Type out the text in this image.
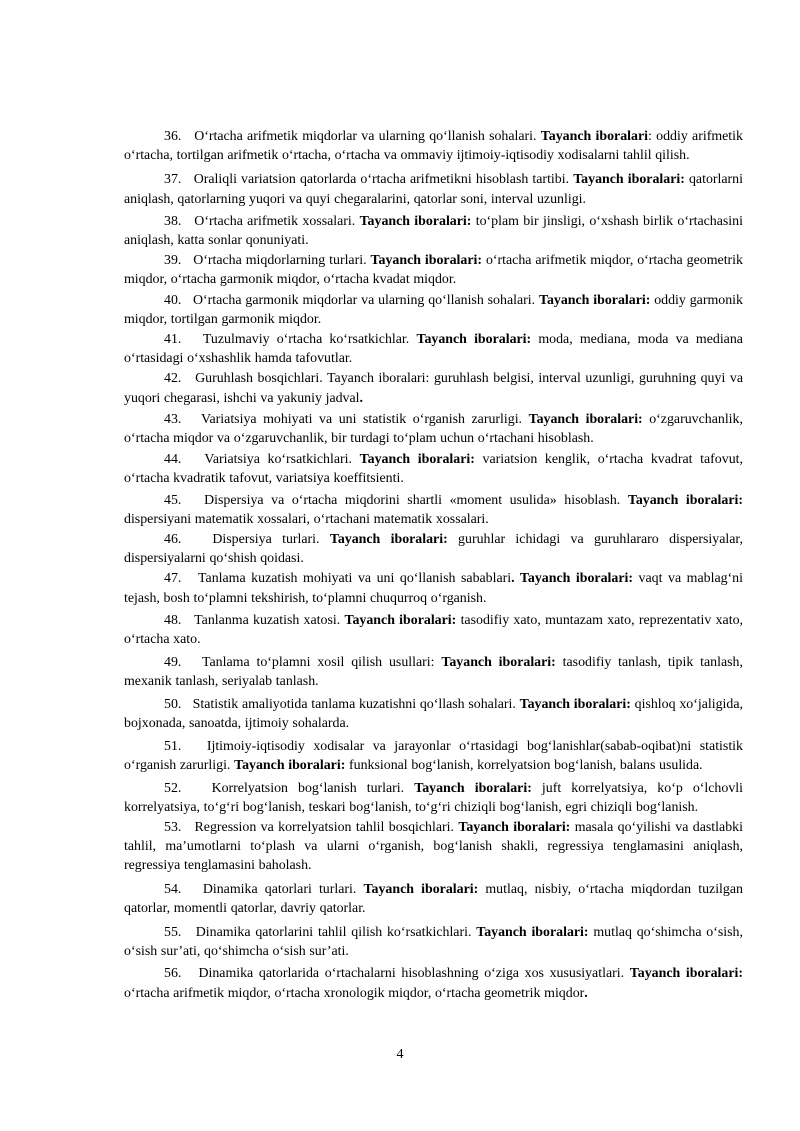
36. O‘rtacha arifmetik miqdorlar va ularning qo‘llanish sohalari. Tayanch iboralari: oddiy arifmetik o‘rtacha, tortilgan arifmetik o‘rtacha, o‘rtacha va ommaviy ijtimoiy-iqtisodiy xodisalarni tahlil qilish.

37. Oraliqli variatsion qatorlarda o‘rtacha arifmetikni hisoblash tartibi. Tayanch iboralari: qatorlarni aniqlash, qatorlarning yuqori va quyi chegaralarini, qatorlar soni, interval uzunligi.

38. O‘rtacha arifmetik xossalari. Tayanch iboralari: to‘plam bir jinsligi, o‘xshash birlik o‘rtachasini aniqlash, katta sonlar qonuniyati.

39. O‘rtacha miqdorlarning turlari. Tayanch iboralari: o‘rtacha arifmetik miqdor, o‘rtacha geometrik miqdor, o‘rtacha garmonik miqdor, o‘rtacha kvadat miqdor.

40. O‘rtacha garmonik miqdorlar va ularning qo‘llanish sohalari. Tayanch iboralari: oddiy garmonik miqdor, tortilgan garmonik miqdor.

41. Tuzulmaviy o‘rtacha ko‘rsatkichlar. Tayanch iboralari: moda, mediana, moda va mediana o‘rtasidagi o‘xshashlik hamda tafovutlar.

42. Guruhlash bosqichlari. Tayanch iboralari: guruhlash belgisi, interval uzunligi, guruhning quyi va yuqori chegarasi, ishchi va yakuniy jadval.

43. Variatsiya mohiyati va uni statistik o‘rganish zarurligi. Tayanch iboralari: o‘zgaruvchanlik, o‘rtacha miqdor va o‘zgaruvchanlik, bir turdagi to‘plam uchun o‘rtachani hisoblash.

44. Variatsiya ko‘rsatkichlari. Tayanch iboralari: variatsion kenglik, o‘rtacha kvadrat tafovut, o‘rtacha kvadratik tafovut, variatsiya koeffitsienti.

45. Dispersiya va o‘rtacha miqdorini shartli «moment usulida» hisoblash. Tayanch iboralari: dispersiyani matematik xossalari, o‘rtachani matematik xossalari.

46. Dispersiya turlari. Tayanch iboralari: guruhlar ichidagi va guruhlararo dispersiyalar, dispersiyalarni qo‘shish qoidasi.

47. Tanlama kuzatish mohiyati va uni qo‘llanish sabablari. Tayanch iboralari: vaqt va mablag‘ni tejash, bosh to‘plamni tekshirish, to‘plamni chuqurroq o‘rganish.

48. Tanlanma kuzatish xatosi. Tayanch iboralari: tasodifiy xato, muntazam xato, reprezentativ xato, o‘rtacha xato.

49. Tanlama to‘plamni xosil qilish usullari: Tayanch iboralari: tasodifiy tanlash, tipik tanlash, mexanik tanlash, seriyalab tanlash.

50. Statistik amaliyotida tanlama kuzatishni qo‘llash sohalari. Tayanch iboralari: qishloq xo‘jaligida, bojxonada, sanoatda, ijtimoiy sohalarda.

51. Ijtimoiy-iqtisodiy xodisalar va jarayonlar o‘rtasidagi bog‘lanishlar(sabab-oqibat)ni statistik o‘rganish zarurligi. Tayanch iboralari: funksional bog‘lanish, korrelyatsion bog‘lanish, balans usulida.

52. Korrelyatsion bog‘lanish turlari. Tayanch iboralari: juft korrelyatsiya, ko‘p o‘lchovli korrelyatsiya, to‘g‘ri bog‘lanish, teskari bog‘lanish, to‘g‘ri chiziqli bog‘lanish, egri chiziqli bog‘lanish.

53. Regression va korrelyatsion tahlil bosqichlari. Tayanch iboralari: masala qo‘yilishi va dastlabki tahlil, ma’umotlarni to‘plash va ularni o‘rganish, bog‘lanish shakli, regressiya tenglamasini aniqlash, regressiya tenglamasini baholash.

54. Dinamika qatorlari turlari. Tayanch iboralari: mutlaq, nisbiy, o‘rtacha miqdordan tuzilgan qatorlar, momentli qatorlar, davriy qatorlar.

55. Dinamika qatorlarini tahlil qilish ko‘rsatkichlari. Tayanch iboralari: mutlaq qo‘shimcha o‘sish, o‘sish sur’ati, qo‘shimcha o‘sish sur’ati.

56. Dinamika qatorlarida o‘rtachalarni hisoblashning o‘ziga xos xususiyatlari. Tayanch iboralari: o‘rtacha arifmetik miqdor, o‘rtacha xronologik miqdor, o‘rtacha geometrik miqdor.

4
